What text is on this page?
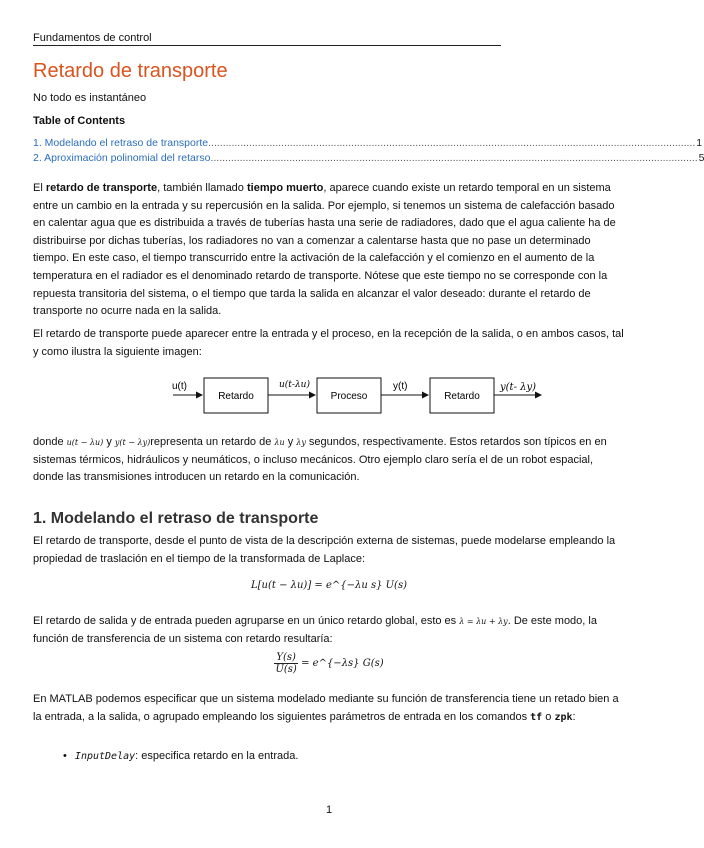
Fundamentos de control
Retardo de transporte
No todo es instantáneo
Table of Contents
1. Modelando el retraso de transporte ....................................................................................................................................................................... 1
2. Aproximación polinomial del retarso ....................................................................................................................................................................... 5

El retardo de transporte, también llamado tiempo muerto, aparece cuando existe un retardo temporal en un sistema entre un cambio en la entrada y su repercusión en la salida. Por ejemplo, si tenemos un sistema de calefacción basado en calentar agua que es distribuida a través de tuberías hasta una serie de radiadores, dado que el agua caliente ha de distribuirse por dichas tuberías, los radiadores no van a comenzar a calentarse hasta que no pase un determinado tiempo. En este caso, el tiempo transcurrido entre la activación de la calefacción y el comienzo en el aumento de la temperatura en el radiador es el denominado retardo de transporte. Nótese que este tiempo no se corresponde con la repuesta transitoria del sistema, o el tiempo que tarda la salida en alcanzar el valor deseado: durante el retardo de transporte no ocurre nada en la salida.

El retardo de transporte puede aparecer entre la entrada y el proceso, en la recepción de la salida, o en ambos casos, tal y como ilustra la siguiente imagen:

u(t)
Retardo
u(t-λu)
Proceso
y(t)
Retardo
y(t- λy)

donde u(t − λu) y y(t − λy)representa un retardo de λu y λy segundos, respectivamente. Estos retardos son típicos en en sistemas térmicos, hidráulicos y neumáticos, o incluso mecánicos. Otro ejemplo claro sería el de un robot espacial, donde las transmisiones introducen un retardo en la comunicación.

1. Modelando el retraso de transporte

El retardo de transporte, desde el punto de vista de la descripción externa de sistemas, puede modelarse empleando la propiedad de traslación en el tiempo de la transformada de Laplace:

L[u(t − λu)] = e^{−λu s} U(s)

El retardo de salida y de entrada pueden agruparse en un único retardo global, esto es λ = λu + λy. De este modo, la función de transferencia de un sistema con retardo resultaría:

$\frac{Y(s)}{U(s)}$ = e^{−λs} G(s)

En MATLAB podemos especificar que un sistema modelado mediante su función de transferencia tiene un retado bien a la entrada, a la salida, o agrupado empleando los siguientes parámetros de entrada en los comandos tf o zpk:

• InputDelay: especifica retardo en la entrada.
1
